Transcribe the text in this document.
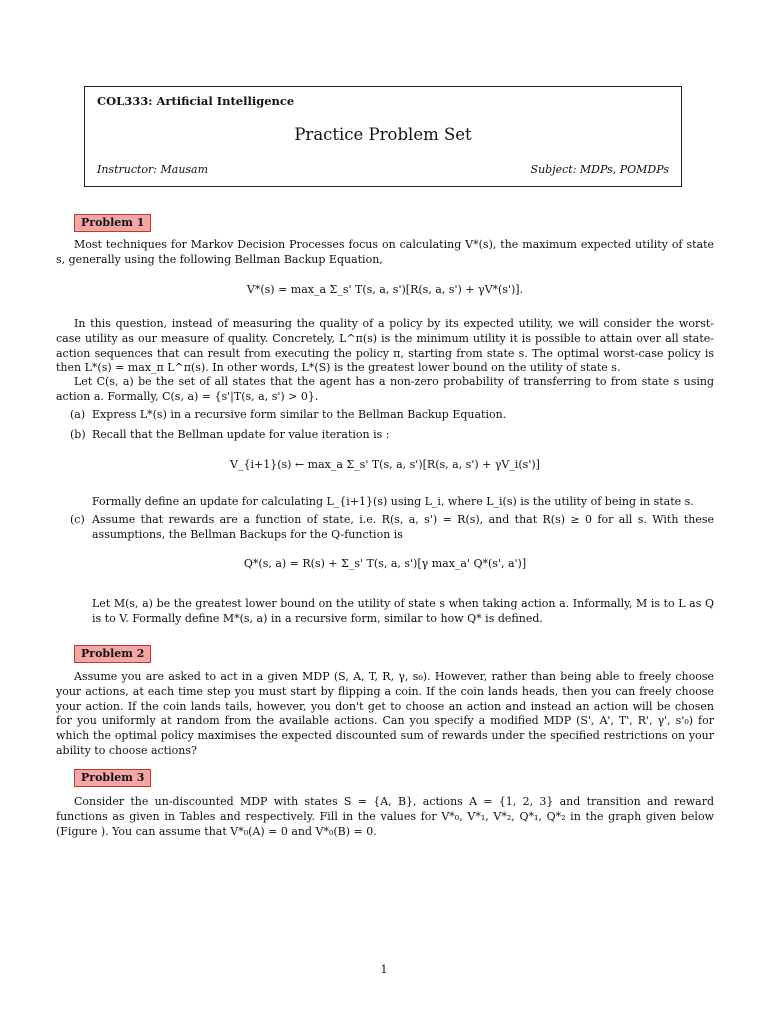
COL333: Artificial Intelligence
Practice Problem Set
Instructor: Mausam	Subject: MDPs, POMDPs
Problem 1
Most techniques for Markov Decision Processes focus on calculating V*(s), the maximum expected utility of state s, generally using the following Bellman Backup Equation,
V*(s) = max_a Σ_s' T(s, a, s')[R(s, a, s') + γV*(s')].
In this question, instead of measuring the quality of a policy by its expected utility, we will consider the worst-case utility as our measure of quality. Concretely, L^π(s) is the minimum utility it is possible to attain over all state-action sequences that can result from executing the policy π, starting from state s. The optimal worst-case policy is then L*(s) = max_π L^π(s). In other words, L*(S) is the greatest lower bound on the utility of state s.
Let C(s, a) be the set of all states that the agent has a non-zero probability of transferring to from state s using action a. Formally, C(s, a) = {s'|T(s, a, s') > 0}.
(a) Express L*(s) in a recursive form similar to the Bellman Backup Equation.
(b) Recall that the Bellman update for value iteration is :
V_{i+1}(s) ← max_a Σ_s' T(s, a, s')[R(s, a, s') + γV_i(s')]
Formally define an update for calculating L_{i+1}(s) using L_i, where L_i(s) is the utility of being in state s.
(c) Assume that rewards are a function of state, i.e. R(s, a, s') = R(s), and that R(s) ≥ 0 for all s. With these assumptions, the Bellman Backups for the Q-function is
Q*(s, a) = R(s) + Σ_s' T(s, a, s')[γ max_a' Q*(s', a')]
Let M(s, a) be the greatest lower bound on the utility of state s when taking action a. Informally, M is to L as Q is to V. Formally define M*(s, a) in a recursive form, similar to how Q* is defined.
Problem 2
Assume you are asked to act in a given MDP (S, A, T, R, γ, s₀). However, rather than being able to freely choose your actions, at each time step you must start by flipping a coin. If the coin lands heads, then you can freely choose your action. If the coin lands tails, however, you don't get to choose an action and instead an action will be chosen for you uniformly at random from the available actions. Can you specify a modified MDP (S', A', T', R', γ', s'₀) for which the optimal policy maximises the expected discounted sum of rewards under the specified restrictions on your ability to choose actions?
Problem 3
Consider the un-discounted MDP with states S = {A, B}, actions A = {1, 2, 3} and transition and reward functions as given in Tables and respectively. Fill in the values for V*₀, V*₁, V*₂, Q*₁, Q*₂ in the graph given below (Figure ). You can assume that V*₀(A) = 0 and V*₀(B) = 0.
1
